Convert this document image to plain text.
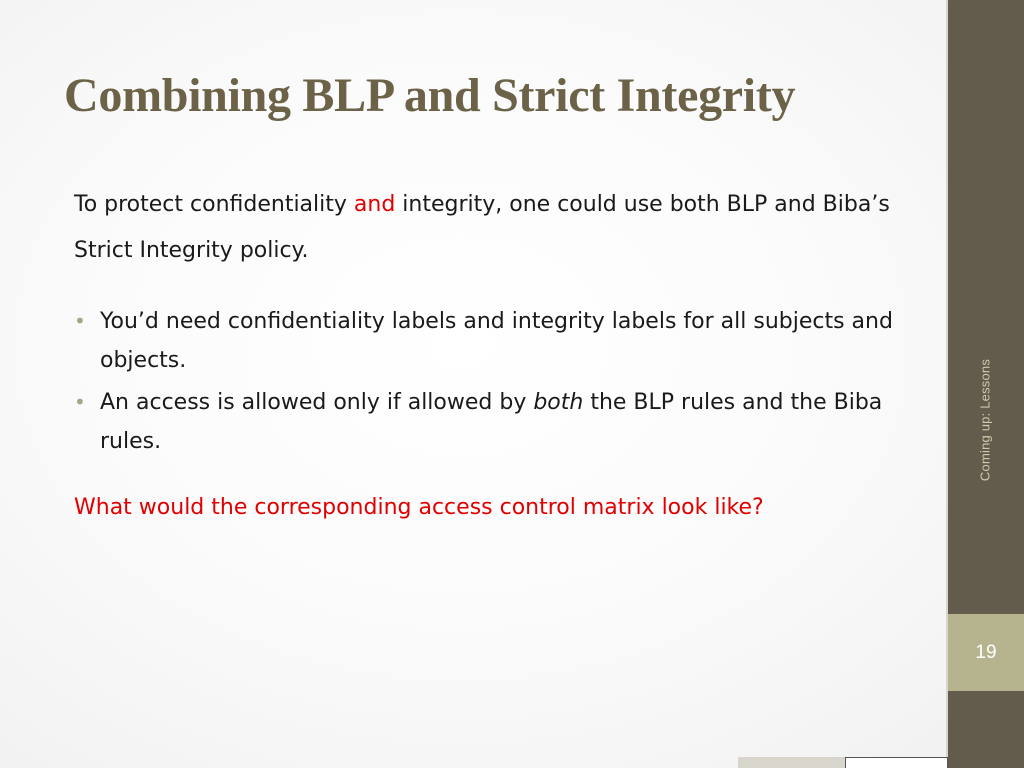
Coming up: Lessons
19
Combining BLP and Strict Integrity

To protect confidentiality and integrity, one could use both BLP and Biba’s Strict Integrity policy.

• You’d need confidentiality labels and integrity labels for all subjects and objects.
• An access is allowed only if allowed by both the BLP rules and the Biba rules.

What would the corresponding access control matrix look like?
